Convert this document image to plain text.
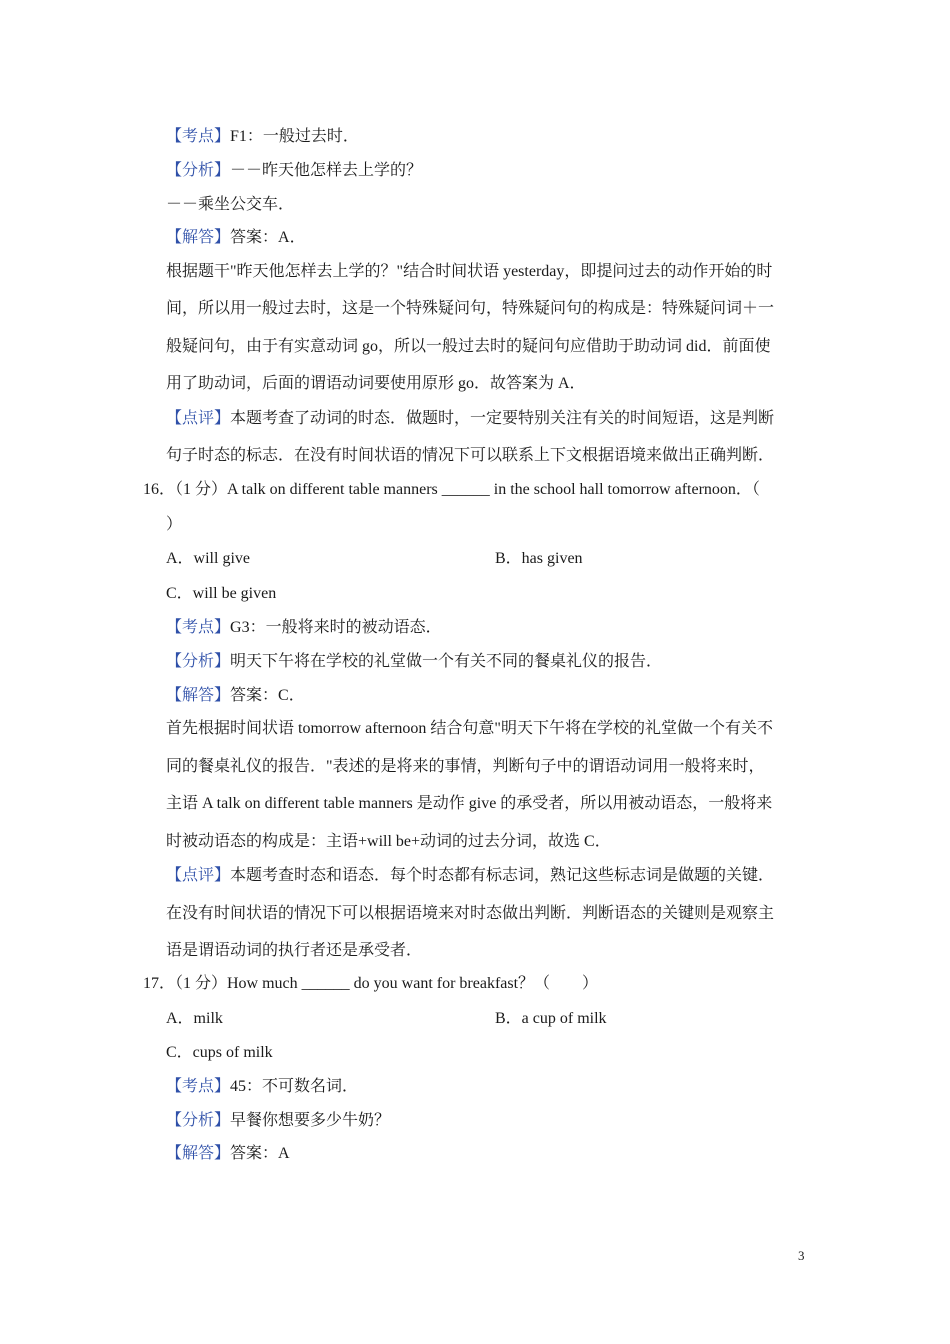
【考点】F1：一般过去时．
【分析】－－昨天他怎样去上学的？
－－乘坐公交车．
【解答】答案：A．
根据题干"昨天他怎样去上学的？"结合时间状语 yesterday，即提问过去的动作开始的时
间，所以用一般过去时，这是一个特殊疑问句，特殊疑问句的构成是：特殊疑问词＋一
般疑问句，由于有实意动词 go，所以一般过去时的疑问句应借助于助动词 did．前面使
用了助动词，后面的谓语动词要使用原形 go．故答案为 A．
【点评】本题考查了动词的时态．做题时，一定要特别关注有关的时间短语，这是判断
句子时态的标志．在没有时间状语的情况下可以联系上下文根据语境来做出正确判断．
16．（1 分）A talk on different table manners ______ in the school hall tomorrow afternoon．（
）
A．will give	B．has given
C．will be given
【考点】G3：一般将来时的被动语态．
【分析】明天下午将在学校的礼堂做一个有关不同的餐桌礼仪的报告．
【解答】答案：C．
首先根据时间状语 tomorrow afternoon 结合句意"明天下午将在学校的礼堂做一个有关不
同的餐桌礼仪的报告．"表述的是将来的事情，判断句子中的谓语动词用一般将来时，
主语 A talk on different table manners 是动作 give 的承受者，所以用被动语态，一般将来
时被动语态的构成是：主语+will be+动词的过去分词，故选 C．
【点评】本题考查时态和语态．每个时态都有标志词，熟记这些标志词是做题的关键．
在没有时间状语的情况下可以根据语境来对时态做出判断．判断语态的关键则是观察主
语是谓语动词的执行者还是承受者．
17．（1 分）How much ______ do you want for breakfast？（　　）
A．milk	B．a cup of milk
C．cups of milk
【考点】45：不可数名词．
【分析】早餐你想要多少牛奶？
【解答】答案：A
3
